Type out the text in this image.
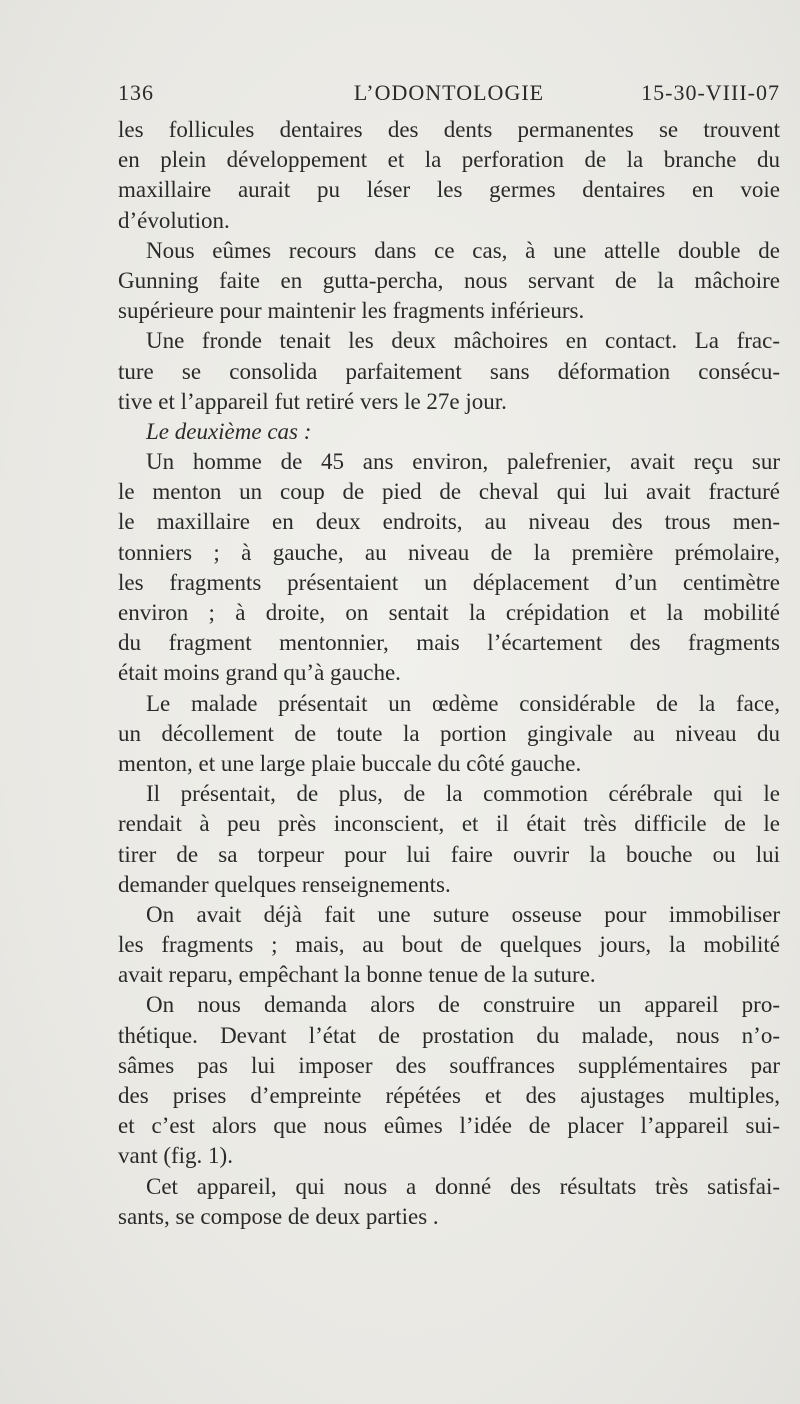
136	L’ODONTOLOGIE	15-30-VIII-07
les follicules dentaires des dents permanentes se trouvent
en plein développement et la perforation de la branche du
maxillaire aurait pu léser les germes dentaires en voie
d’évolution.
Nous eûmes recours dans ce cas, à une attelle double de
Gunning faite en gutta-percha, nous servant de la mâchoire
supérieure pour maintenir les fragments inférieurs.
Une fronde tenait les deux mâchoires en contact. La frac-
ture se consolida parfaitement sans déformation consécu-
tive et l’appareil fut retiré vers le 27e jour.
Le deuxième cas :
Un homme de 45 ans environ, palefrenier, avait reçu sur
le menton un coup de pied de cheval qui lui avait fracturé
le maxillaire en deux endroits, au niveau des trous men-
tonniers ; à gauche, au niveau de la première prémolaire,
les fragments présentaient un déplacement d’un centimètre
environ ; à droite, on sentait la crépidation et la mobilité
du fragment mentonnier, mais l’écartement des fragments
était moins grand qu’à gauche.
Le malade présentait un œdème considérable de la face,
un décollement de toute la portion gingivale au niveau du
menton, et une large plaie buccale du côté gauche.
Il présentait, de plus, de la commotion cérébrale qui le
rendait à peu près inconscient, et il était très difficile de le
tirer de sa torpeur pour lui faire ouvrir la bouche ou lui
demander quelques renseignements.
On avait déjà fait une suture osseuse pour immobiliser
les fragments ; mais, au bout de quelques jours, la mobilité
avait reparu, empêchant la bonne tenue de la suture.
On nous demanda alors de construire un appareil pro-
thétique. Devant l’état de prostation du malade, nous n’o-
sâmes pas lui imposer des souffrances supplémentaires par
des prises d’empreinte répétées et des ajustages multiples,
et c’est alors que nous eûmes l’idée de placer l’appareil sui-
vant (fig. 1).
Cet appareil, qui nous a donné des résultats très satisfai-
sants, se compose de deux parties .
